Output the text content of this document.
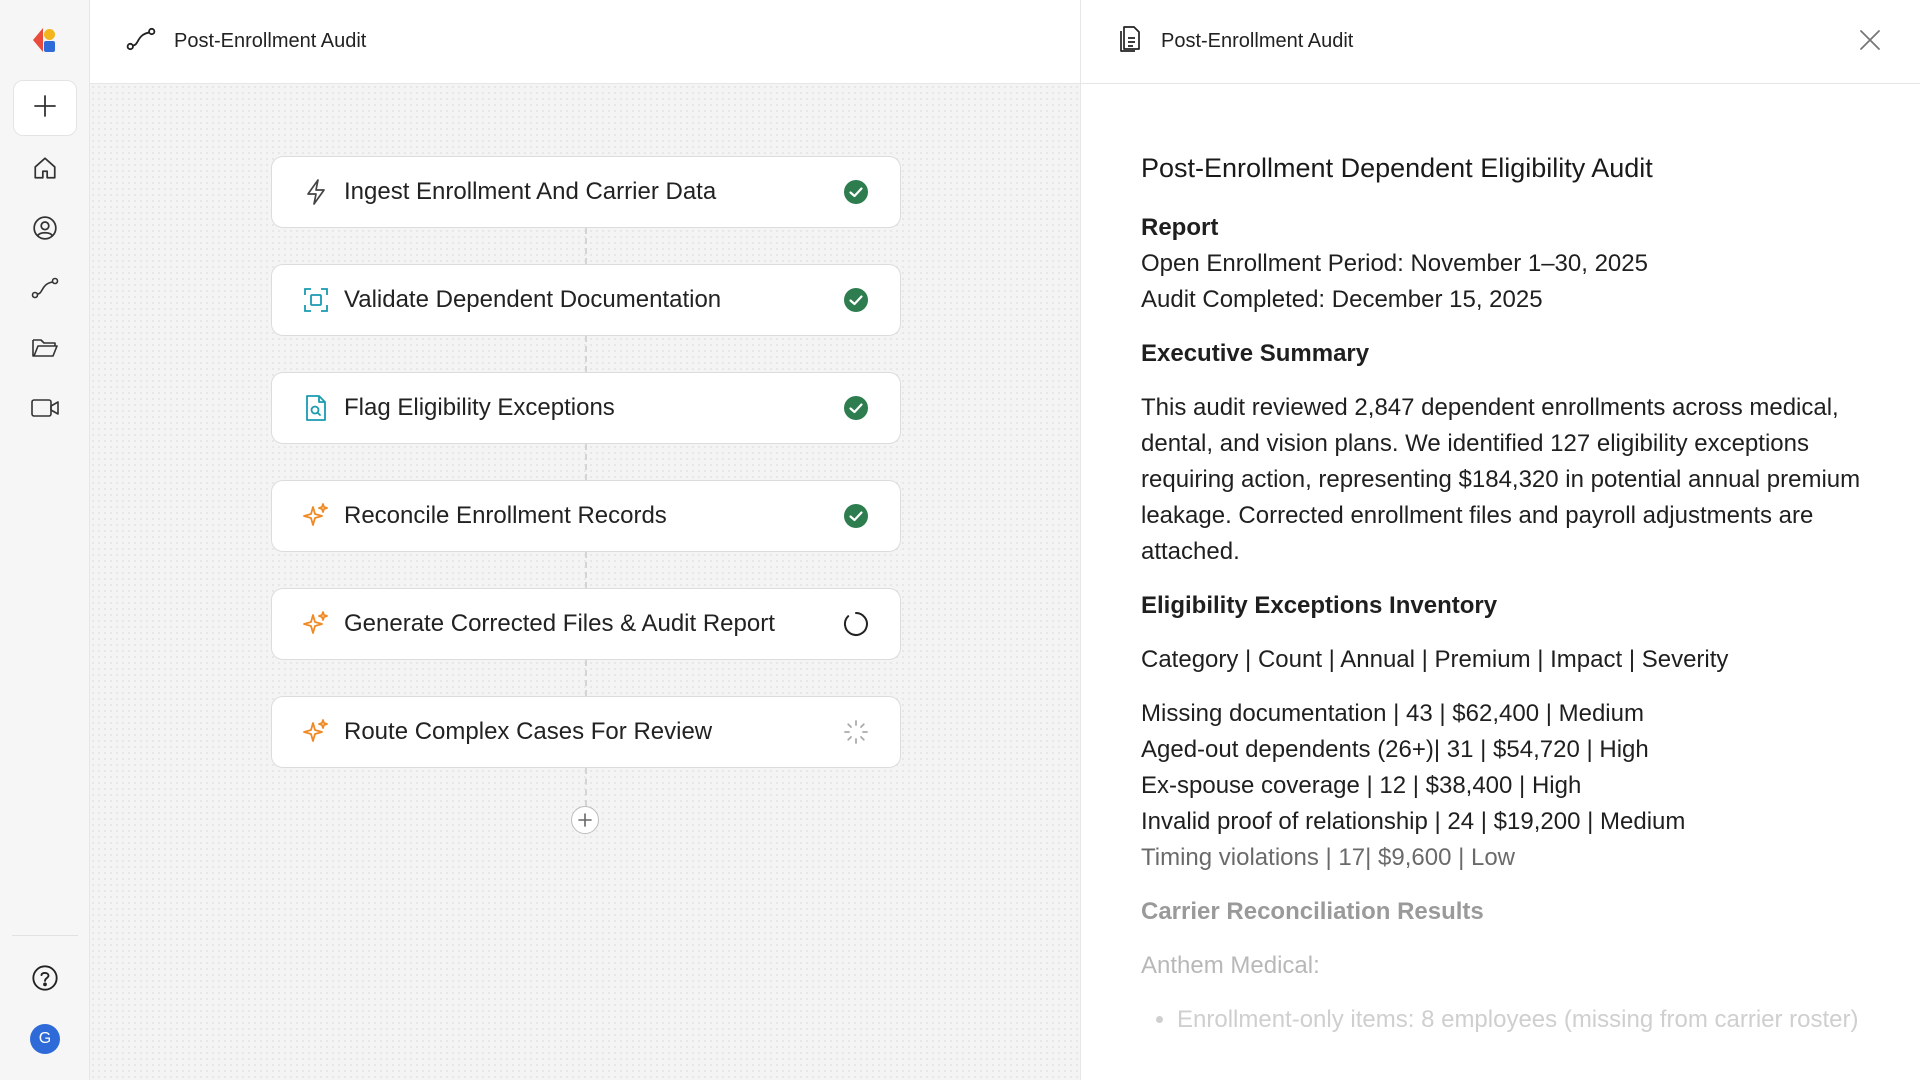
G
Post-Enrollment Audit
Ingest Enrollment And Carrier Data
Validate Dependent Documentation
Flag Eligibility Exceptions
Reconcile Enrollment Records
Generate Corrected Files & Audit Report
Route Complex Cases For Review
Post-Enrollment Audit
Post-Enrollment Dependent Eligibility Audit
Report

Open Enrollment Period: November 1–30, 2025

Audit Completed: December 15, 2025

Executive Summary

This audit reviewed 2,847 dependent enrollments across medical, dental, and vision plans. We identified 127 eligibility exceptions requiring action, representing $184,320 in potential annual premium leakage. Corrected enrollment files and payroll adjustments are attached.

Eligibility Exceptions Inventory

Category | Count | Annual | Premium | Impact | Severity

Missing documentation | 43 | $62,400 | Medium

Aged-out dependents (26+)| 31 | $54,720 | High

Ex-spouse coverage | 12 | $38,400 | High

Invalid proof of relationship | 24 | $19,200 | Medium

Timing violations | 17| $9,600 | Low

Carrier Reconciliation Results

Anthem Medical:

• Enrollment-only items: 8 employees (missing from carrier roster)
